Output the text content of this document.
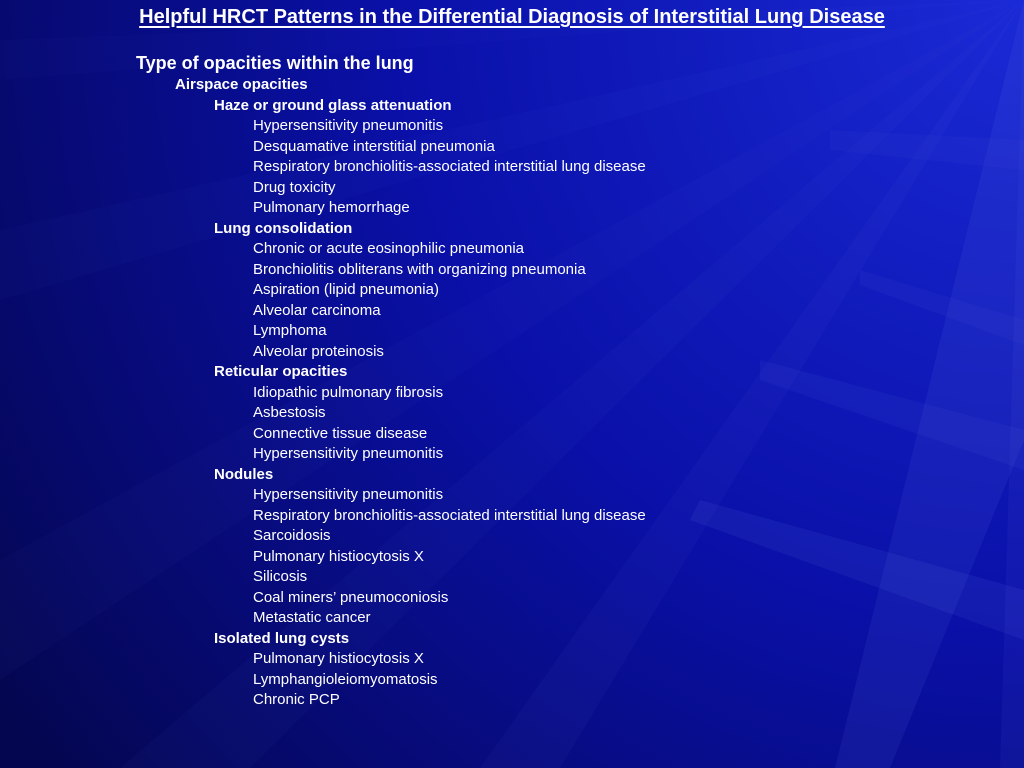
Helpful HRCT Patterns in the Differential Diagnosis of Interstitial Lung Disease
Type of opacities within the lung
Airspace opacities
Haze or ground glass attenuation
Hypersensitivity pneumonitis
Desquamative interstitial pneumonia
Respiratory bronchiolitis-associated interstitial lung disease
Drug toxicity
Pulmonary hemorrhage
Lung consolidation
Chronic or acute eosinophilic pneumonia
Bronchiolitis obliterans with organizing pneumonia
Aspiration (lipid pneumonia)
Alveolar carcinoma
Lymphoma
Alveolar proteinosis
Reticular opacities
Idiopathic pulmonary fibrosis
Asbestosis
Connective tissue disease
Hypersensitivity pneumonitis
Nodules
Hypersensitivity pneumonitis
Respiratory bronchiolitis-associated interstitial lung disease
Sarcoidosis
Pulmonary histiocytosis X
Silicosis
Coal miners’ pneumoconiosis
Metastatic cancer
Isolated lung cysts
Pulmonary histiocytosis X
Lymphangioleiomyomatosis
Chronic PCP
